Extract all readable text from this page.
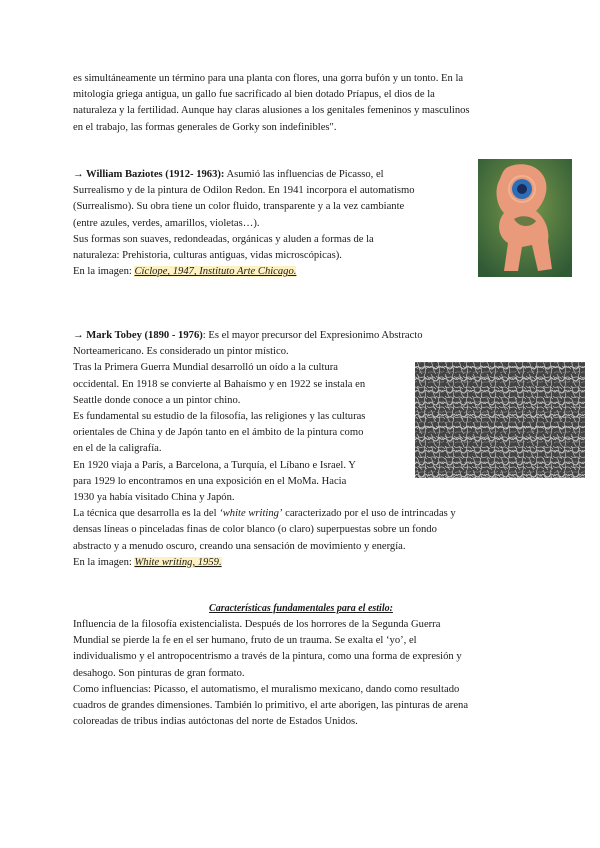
es simultáneamente un término para una planta con flores, una gorra bufón y un tonto. En la
mitología griega antigua, un gallo fue sacrificado al bien dotado Príapus, el dios de la
naturaleza y la fertilidad. Aunque hay claras alusiones a los genitales femeninos y masculinos
en el trabajo, las formas generales de Gorky son indefinibles".
→ William Baziotes (1912- 1963): Asumió las influencias de Picasso, el
Surrealismo y de la pintura de Odilon Redon. En 1941 incorpora el automatismo
(Surrealismo). Su obra tiene un color fluido, transparente y a la vez cambiante
(entre azules, verdes, amarillos, violetas…).
Sus formas son suaves, redondeadas, orgánicas y aluden a formas de la
naturaleza: Prehistoria, culturas antiguas, vidas microscópicas).
En la imagen: Cíclope, 1947, Instituto Arte Chicago.
→ Mark Tobey (1890 - 1976): Es el mayor precursor del Expresionimo Abstracto
Norteamericano. Es considerado un pintor místico.
Tras la Primera Guerra Mundial desarrolló un oído a la cultura
occidental. En 1918 se convierte al Bahaísmo y en 1922 se instala en
Seattle donde conoce a un pintor chino.
Es fundamental su estudio de la filosofía, las religiones y las culturas
orientales de China y de Japón tanto en el ámbito de la pintura como
en el de la caligrafía.
En 1920 viaja a París, a Barcelona, a Turquía, el Líbano e Israel. Y
para 1929 lo encontramos en una exposición en el MoMa. Hacia
1930 ya había visitado China y Japón.
La técnica que desarrolla es la del ‘white writing’ caracterizado por el uso de intrincadas y
densas líneas o pinceladas finas de color blanco (o claro) superpuestas sobre un fondo
abstracto y a menudo oscuro, creando una sensación de movimiento y energía.
En la imagen: White writing, 1959.
Características fundamentales para el estilo:
Influencia de la filosofía existencialista. Después de los horrores de la Segunda Guerra
Mundial se pierde la fe en el ser humano, fruto de un trauma. Se exalta el ‘yo’, el
individualismo y el antropocentrismo a través de la pintura, como una forma de expresión y
desahogo. Son pinturas de gran formato.
Como influencias: Picasso, el automatismo, el muralismo mexicano, dando como resultado
cuadros de grandes dimensiones. También lo primitivo, el arte aborigen, las pinturas de arena
coloreadas de tribus indias autóctonas del norte de Estados Unidos.
